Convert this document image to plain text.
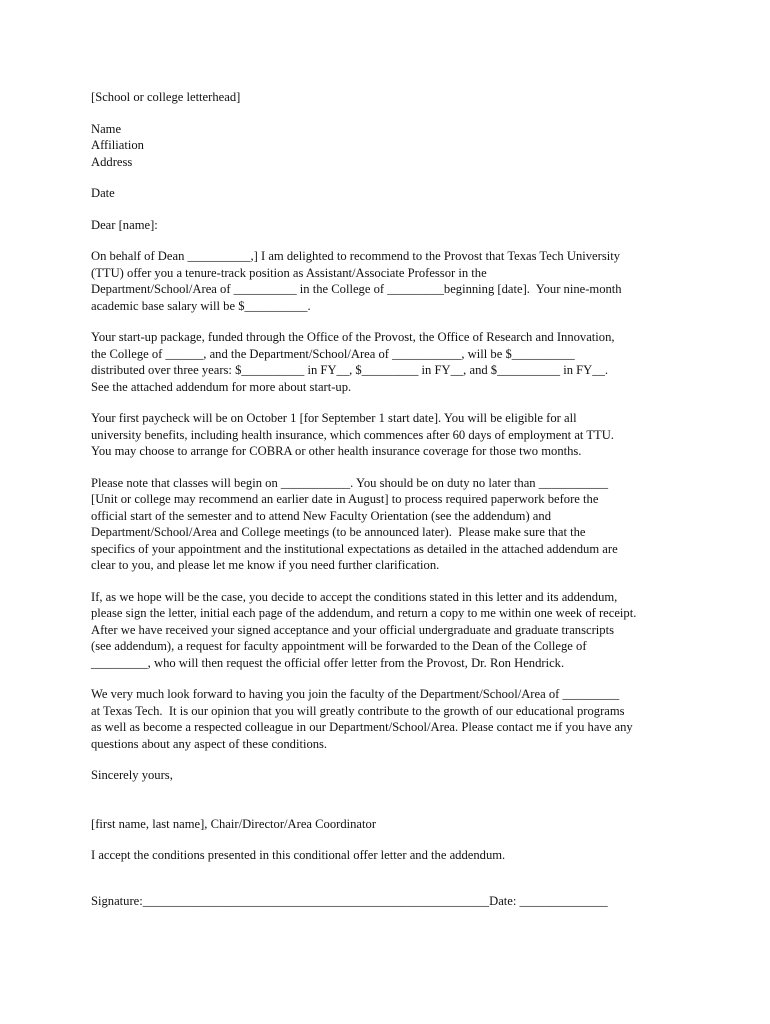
[School or college letterhead]
Name
Affiliation
Address
Date
Dear [name]:
On behalf of Dean __________,] I am delighted to recommend to the Provost that Texas Tech University
(TTU) offer you a tenure-track position as Assistant/Associate Professor in the
Department/School/Area of __________ in the College of _________beginning [date].  Your nine-month
academic base salary will be $__________.
Your start-up package, funded through the Office of the Provost, the Office of Research and Innovation,
the College of ______, and the Department/School/Area of ___________, will be $__________
distributed over three years: $__________ in FY__, $_________ in FY__, and $__________ in FY__.
See the attached addendum for more about start-up.
Your first paycheck will be on October 1 [for September 1 start date]. You will be eligible for all
university benefits, including health insurance, which commences after 60 days of employment at TTU.
You may choose to arrange for COBRA or other health insurance coverage for those two months.
Please note that classes will begin on ___________. You should be on duty no later than ___________
[Unit or college may recommend an earlier date in August] to process required paperwork before the
official start of the semester and to attend New Faculty Orientation (see the addendum) and
Department/School/Area and College meetings (to be announced later).  Please make sure that the
specifics of your appointment and the institutional expectations as detailed in the attached addendum are
clear to you, and please let me know if you need further clarification.
If, as we hope will be the case, you decide to accept the conditions stated in this letter and its addendum,
please sign the letter, initial each page of the addendum, and return a copy to me within one week of receipt.
After we have received your signed acceptance and your official undergraduate and graduate transcripts
(see addendum), a request for faculty appointment will be forwarded to the Dean of the College of
_________, who will then request the official offer letter from the Provost, Dr. Ron Hendrick.
We very much look forward to having you join the faculty of the Department/School/Area of _________
at Texas Tech.  It is our opinion that you will greatly contribute to the growth of our educational programs
as well as become a respected colleague in our Department/School/Area. Please contact me if you have any
questions about any aspect of these conditions.
Sincerely yours,
[first name, last name], Chair/Director/Area Coordinator
I accept the conditions presented in this conditional offer letter and the addendum.
Signature:_______________________________________________________Date: ______________
